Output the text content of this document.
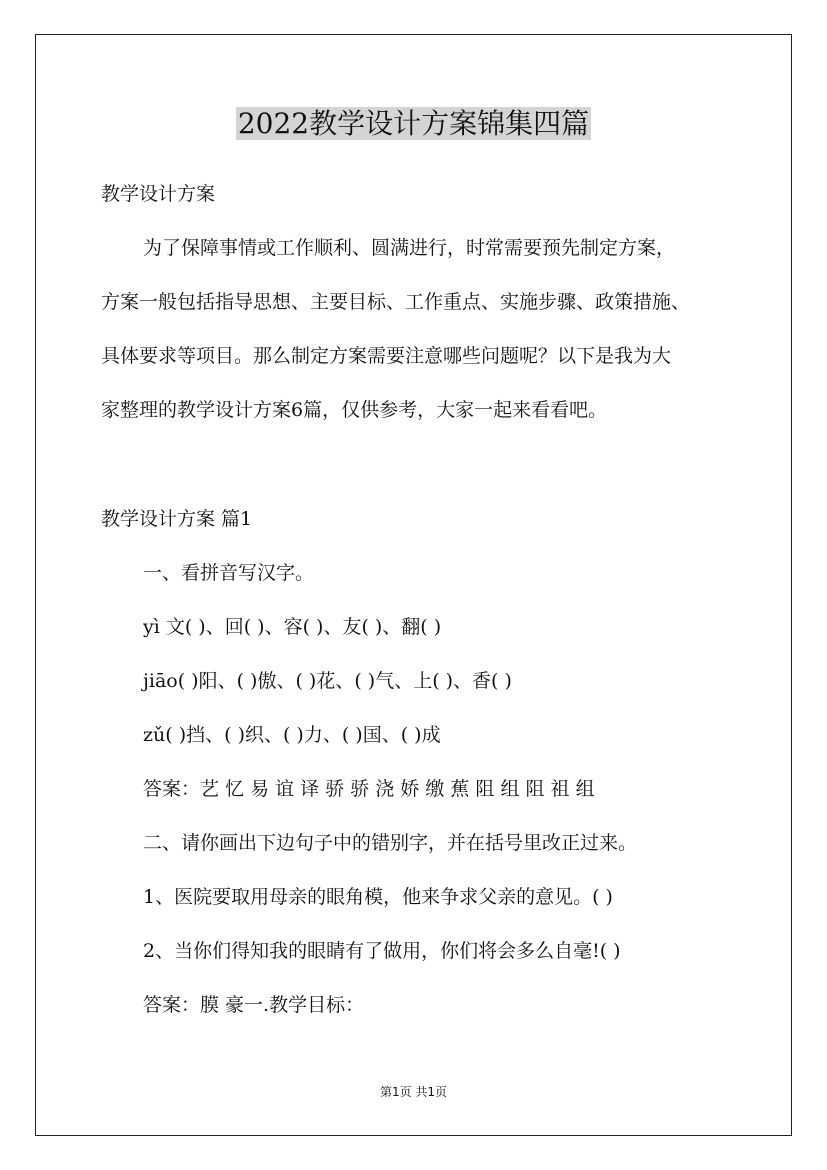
2022教学设计方案锦集四篇
教学设计方案
为了保障事情或工作顺利、圆满进行，时常需要预先制定方案，
方案一般包括指导思想、主要目标、工作重点、实施步骤、政策措施、
具体要求等项目。那么制定方案需要注意哪些问题呢？以下是我为大
家整理的教学设计方案6篇，仅供参考，大家一起来看看吧。
教学设计方案 篇1
一、看拼音写汉字。
yì 文( )、回( )、容( )、友( )、翻( )
jiāo( )阳、( )傲、( )花、( )气、上( )、香( )
zǔ( )挡、( )织、( )力、( )国、( )成
答案：艺 忆 易 谊 译 骄 骄 浇 娇 缴 蕉 阻 组 阻 祖 组
二、请你画出下边句子中的错别字，并在括号里改正过来。
1、医院要取用母亲的眼角模，他来争求父亲的意见。( )
2、当你们得知我的眼睛有了做用，你们将会多么自毫!( )
答案：膜 豪一.教学目标：
第1页 共1页
